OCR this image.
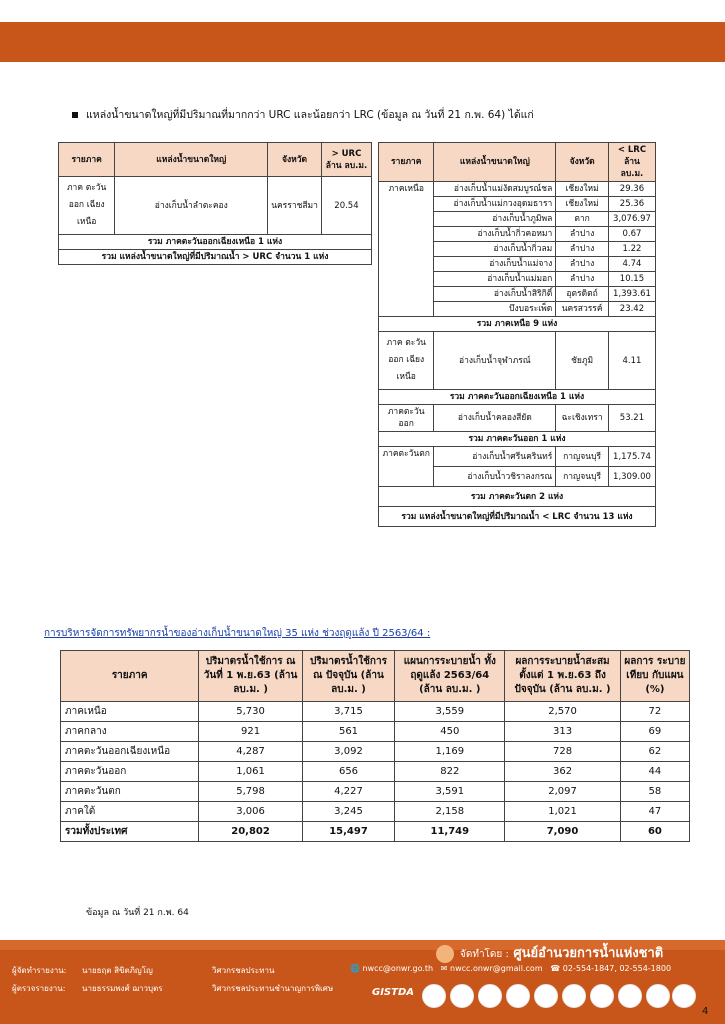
แหล่งน้ำขนาดใหญ่ที่มีปริมาณที่มากกว่า URC และน้อยกว่า LRC (ข้อมูล ณ วันที่ 21 ก.พ. 64) ได้แก่
รายภาค	แหล่งน้ำขนาดใหญ่	จังหวัด	> URC ล้าน ลบ.ม.
ภาค ตะวันออก เฉียงเหนือ	อ่างเก็บน้ำลำตะคอง	นครราชสีมา	20.54
รวม ภาคตะวันออกเฉียงเหนือ 1 แห่ง			
รวม แหล่งน้ำขนาดใหญ่ที่มีปริมาณน้ำ > URC จำนวน 1 แห่ง			
รายภาค	แหล่งน้ำขนาดใหญ่	จังหวัด	< LRC ล้าน ลบ.ม.
ภาคเหนือ	อ่างเก็บน้ำแม่งัดสมบูรณ์ชล	เชียงใหม่	29.36
	อ่างเก็บน้ำแม่กวงอุดมธารา	เชียงใหม่	25.36
	อ่างเก็บน้ำภูมิพล	ตาก	3,076.97
	อ่างเก็บน้ำกิ่วคอหมา	ลำปาง	0.67
	อ่างเก็บน้ำกิ่วลม	ลำปาง	1.22
	อ่างเก็บน้ำแม่จาง	ลำปาง	4.74
	อ่างเก็บน้ำแม่มอก	ลำปาง	10.15
	อ่างเก็บน้ำสิริกิติ์	อุตรดิตถ์	1,393.61
	บึงบอระเพ็ด	นครสวรรค์	23.42
รวม ภาคเหนือ 9 แห่ง			
ภาค ตะวันออก เฉียงเหนือ	อ่างเก็บน้ำจุฬาภรณ์	ชัยภูมิ	4.11
รวม ภาคตะวันออกเฉียงเหนือ 1 แห่ง			
ภาคตะวันออก	อ่างเก็บน้ำคลองสียัด	ฉะเชิงเทรา	53.21
รวม ภาคตะวันออก 1 แห่ง			
ภาคตะวันตก	อ่างเก็บน้ำศรีนครินทร์	กาญจนบุรี	1,175.74
	อ่างเก็บน้ำวชิราลงกรณ	กาญจนบุรี	1,309.00
รวม ภาคตะวันตก 2 แห่ง			
รวม แหล่งน้ำขนาดใหญ่ที่มีปริมาณน้ำ < LRC จำนวน 13 แห่ง			
การบริหารจัดการทรัพยากรน้ำของอ่างเก็บน้ำขนาดใหญ่ 35 แห่ง ช่วงฤดูแล้ง ปี 2563/64 :
รายภาค	ปริมาตรน้ำใช้การ ณ วันที่ 1 พ.ย.63 (ล้าน ลบ.ม. )	ปริมาตรน้ำใช้การ ณ ปัจจุบัน (ล้าน ลบ.ม. )	แผนการระบายน้ำ ทั้งฤดูแล้ง 2563/64 (ล้าน ลบ.ม. )	ผลการระบายน้ำสะสม ตั้งแต่ 1 พ.ย.63 ถึงปัจจุบัน (ล้าน ลบ.ม. )	ผลการ ระบายเทียบ กับแผน (%)
ภาคเหนือ	5,730	3,715	3,559	2,570	72
ภาคกลาง	921	561	450	313	69
ภาคตะวันออกเฉียงเหนือ	4,287	3,092	1,169	728	62
ภาคตะวันออก	1,061	656	822	362	44
ภาคตะวันตก	5,798	4,227	3,591	2,097	58
ภาคใต้	3,006	3,245	2,158	1,021	47
รวมทั้งประเทศ	20,802	15,497	11,749	7,090	60
ข้อมูล ณ วันที่ 21 ก.พ. 64
ผู้จัดทำรายงาน: นายธฤต สิขิตภิญโญ	วิศวกรชลประทาน
ผู้ตรวจรายงาน: นายธรรมพงศ์ ฌาวบุตร	วิศวกรชลประทานชำนาญการพิเศษ
จัดทำโดย : ศูนย์อำนวยการน้ำแห่งชาติ
🌐 nwcc@onwr.go.th ✉ nwcc.onwr@gmail.com ☎ 02-554-1847, 02-554-1800
GISTDA
4
